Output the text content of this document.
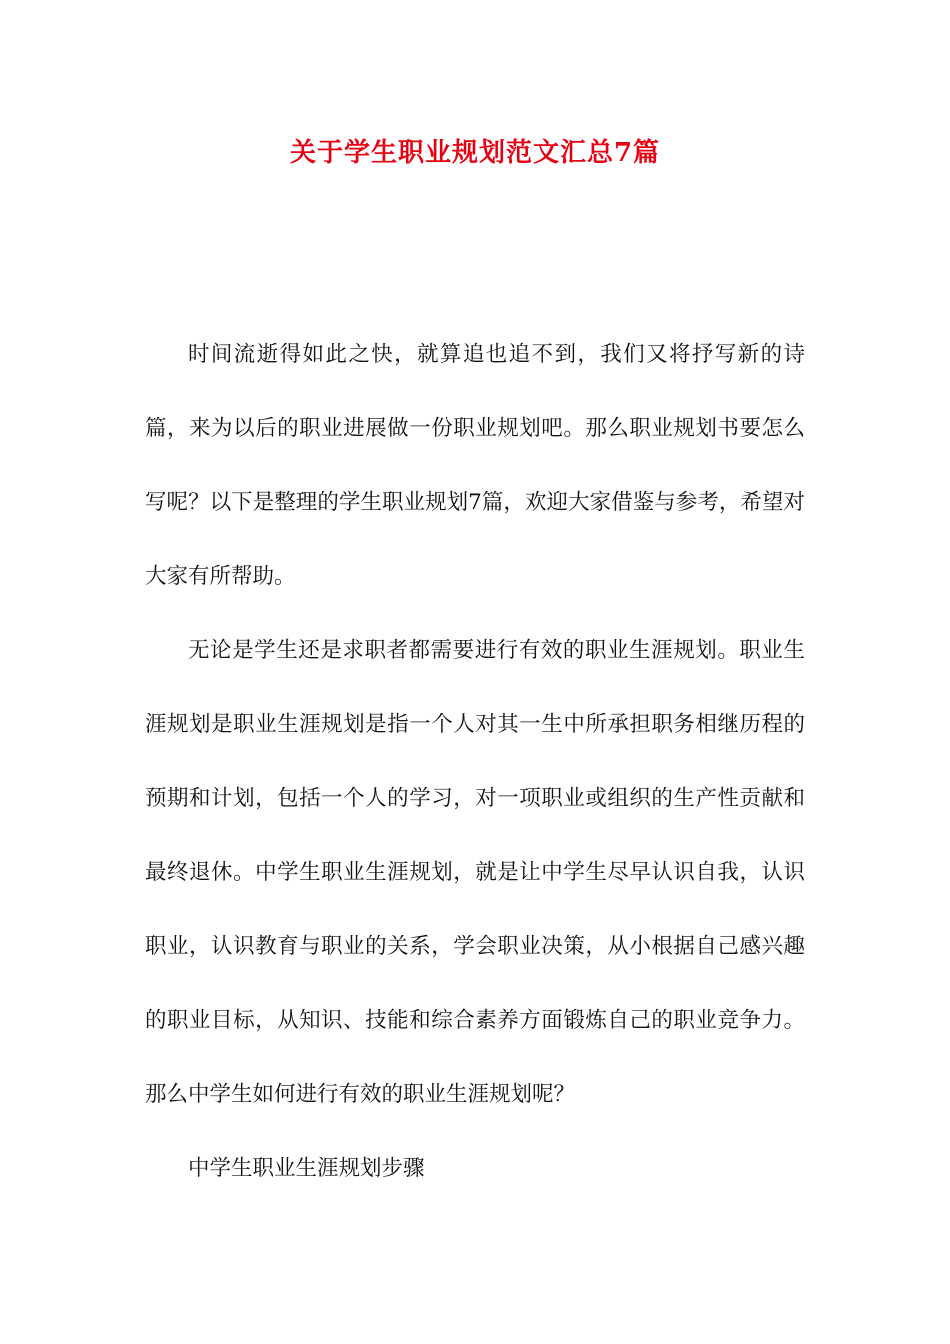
关于学生职业规划范文汇总7篇

时间流逝得如此之快，就算追也追不到，我们又将抒写新的诗篇，来为以后的职业进展做一份职业规划吧。那么职业规划书要怎么写呢？以下是整理的学生职业规划7篇，欢迎大家借鉴与参考，希望对大家有所帮助。

无论是学生还是求职者都需要进行有效的职业生涯规划。职业生涯规划是职业生涯规划是指一个人对其一生中所承担职务相继历程的预期和计划，包括一个人的学习，对一项职业或组织的生产性贡献和最终退休。中学生职业生涯规划，就是让中学生尽早认识自我，认识职业，认识教育与职业的关系，学会职业决策，从小根据自己感兴趣的职业目标，从知识、技能和综合素养方面锻炼自己的职业竞争力。那么中学生如何进行有效的职业生涯规划呢？

中学生职业生涯规划步骤
